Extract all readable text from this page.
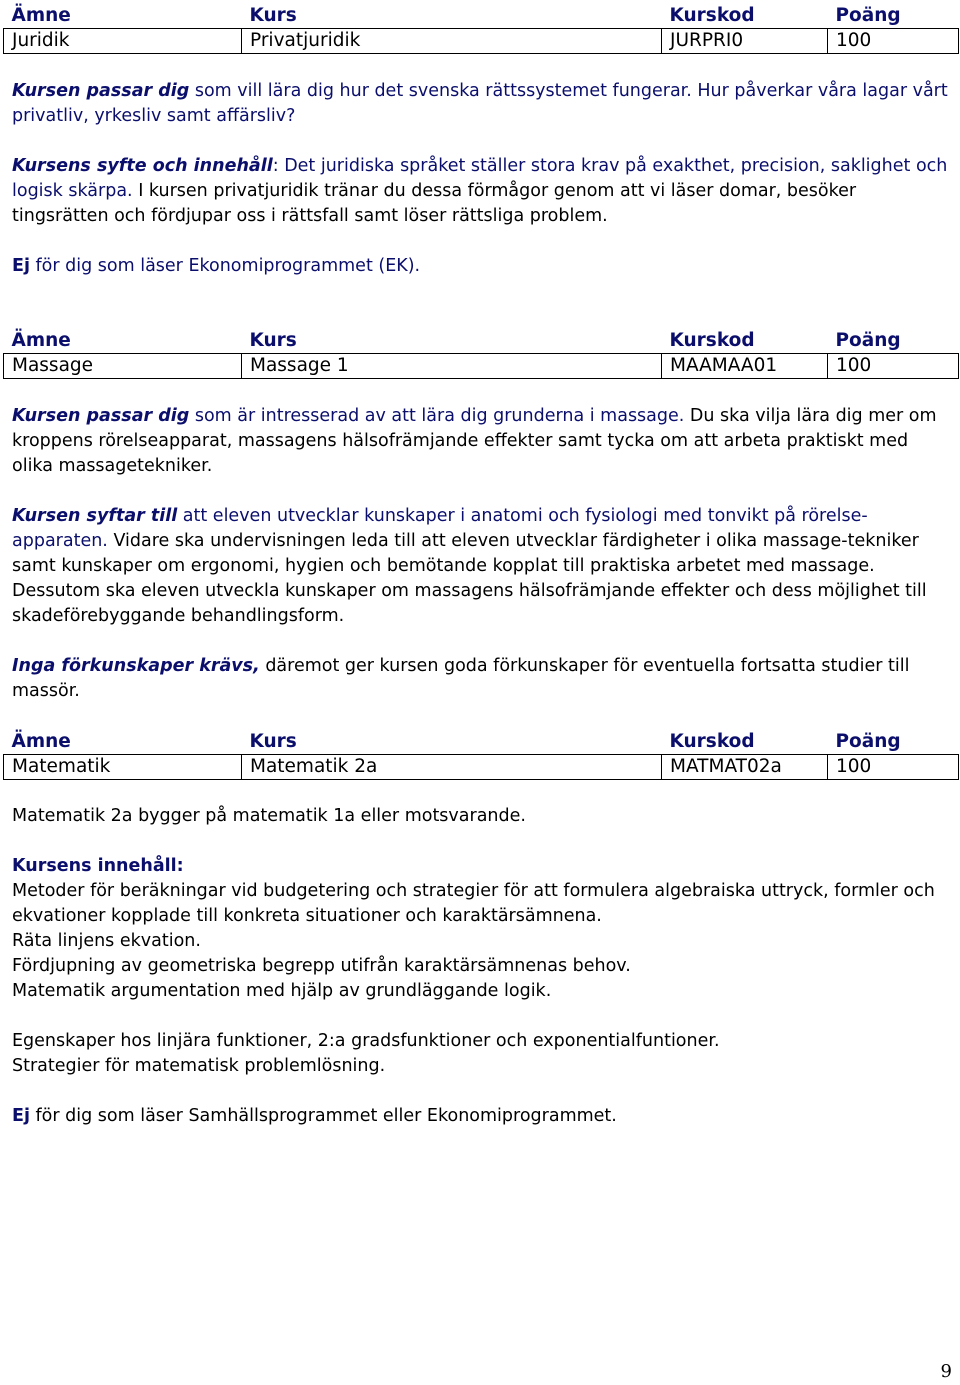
Ämne	Kurs	Kurskod	Poäng
Juridik	Privatjuridik	JURPRI0	100

Kursen passar dig som vill lära dig hur det svenska rättssystemet fungerar. Hur påverkar våra lagar vårt privatliv, yrkesliv samt affärsliv?

Kursens syfte och innehåll: Det juridiska språket ställer stora krav på exakthet, precision, saklighet och logisk skärpa. I kursen privatjuridik tränar du dessa förmågor genom att vi läser domar, besöker tingsrätten och fördjupar oss i rättsfall samt löser rättsliga problem.

Ej för dig som läser Ekonomiprogrammet (EK).

Ämne	Kurs	Kurskod	Poäng
Massage	Massage 1	MAAMAA01	100

Kursen passar dig som är intresserad av att lära dig grunderna i massage. Du ska vilja lära dig mer om kroppens rörelseapparat, massagens hälsofrämjande effekter samt tycka om att arbeta praktiskt med olika massagetekniker.

Kursen syftar till att eleven utvecklar kunskaper i anatomi och fysiologi med tonvikt på rörelse-apparaten. Vidare ska undervisningen leda till att eleven utvecklar färdigheter i olika massage-tekniker samt kunskaper om ergonomi, hygien och bemötande kopplat till praktiska arbetet med massage. Dessutom ska eleven utveckla kunskaper om massagens hälsofrämjande effekter och dess möjlighet till skadeförebyggande behandlingsform.

Inga förkunskaper krävs, däremot ger kursen goda förkunskaper för eventuella fortsatta studier till massör.

Ämne	Kurs	Kurskod	Poäng
Matematik	Matematik 2a	MATMAT02a	100

Matematik 2a bygger på matematik 1a eller motsvarande.

Kursens innehåll:

Metoder för beräkningar vid budgetering och strategier för att formulera algebraiska uttryck, formler och ekvationer kopplade till konkreta situationer och karaktärsämnena.

Räta linjens ekvation.

Fördjupning av geometriska begrepp utifrån karaktärsämnenas behov.

Matematik argumentation med hjälp av grundläggande logik.

Egenskaper hos linjära funktioner, 2:a gradsfunktioner och exponentialfuntioner.

Strategier för matematisk problemlösning.

Ej för dig som läser Samhällsprogrammet eller Ekonomiprogrammet.

9
